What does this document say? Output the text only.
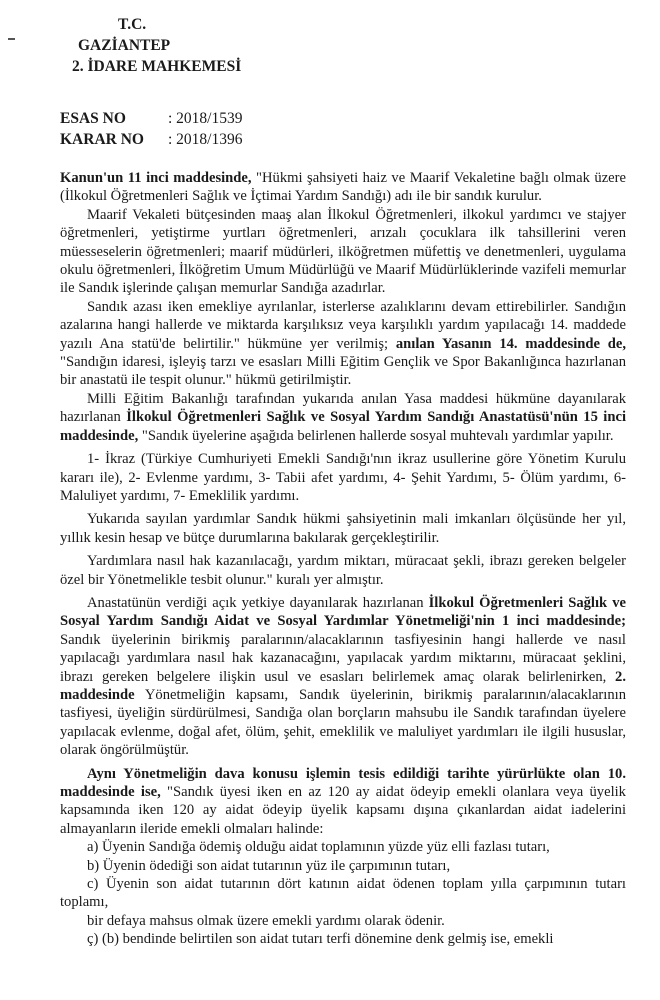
T.C.
GAZİANTEP
2. İDARE MAHKEMESİ
ESAS NO	: 2018/1539
KARAR NO : 2018/1396

Kanun'un 11 inci maddesinde, "Hükmi şahsiyeti haiz ve Maarif Vekaletine bağlı olmak üzere (İlkokul Öğretmenleri Sağlık ve İçtimai Yardım Sandığı) adı ile bir sandık kurulur.

Maarif Vekaleti bütçesinden maaş alan İlkokul Öğretmenleri, ilkokul yardımcı ve stajyer öğretmenleri, yetiştirme yurtları öğretmenleri, arızalı çocuklara ilk tahsillerini veren müesseselerin öğretmenleri; maarif müdürleri, ilköğretmen müfettiş ve denetmenleri, uygulama okulu öğretmenleri, İlköğretim Umum Müdürlüğü ve Maarif Müdürlüklerinde vazifeli memurlar ile Sandık işlerinde çalışan memurlar Sandığa azadırlar.

Sandık azası iken emekliye ayrılanlar, isterlerse azalıklarını devam ettirebilirler. Sandığın azalarına hangi hallerde ve miktarda karşılıksız veya karşılıklı yardım yapılacağı 14. maddede yazılı Ana statü'de belirtilir." hükmüne yer verilmiş; anılan Yasanın 14. maddesinde de, "Sandığın idaresi, işleyiş tarzı ve esasları Milli Eğitim Gençlik ve Spor Bakanlığınca hazırlanan bir anastatü ile tespit olunur." hükmü getirilmiştir.

Milli Eğitim Bakanlığı tarafından yukarıda anılan Yasa maddesi hükmüne dayanılarak hazırlanan İlkokul Öğretmenleri Sağlık ve Sosyal Yardım Sandığı Anastatüsü'nün 15 inci maddesinde, "Sandık üyelerine aşağıda belirlenen hallerde sosyal muhtevalı yardımlar yapılır.

1- İkraz (Türkiye Cumhuriyeti Emekli Sandığı'nın ikraz usullerine göre Yönetim Kurulu kararı ile), 2- Evlenme yardımı, 3- Tabii afet yardımı, 4- Şehit Yardımı, 5- Ölüm yardımı, 6-Maluliyet yardımı, 7- Emeklilik yardımı.

Yukarıda sayılan yardımlar Sandık hükmi şahsiyetinin mali imkanları ölçüsünde her yıl, yıllık kesin hesap ve bütçe durumlarına bakılarak gerçekleştirilir.

Yardımlara nasıl hak kazanılacağı, yardım miktarı, müracaat şekli, ibrazı gereken belgeler özel bir Yönetmelikle tesbit olunur." kuralı yer almıştır.

Anastatünün verdiği açık yetkiye dayanılarak hazırlanan İlkokul Öğretmenleri Sağlık ve Sosyal Yardım Sandığı Aidat ve Sosyal Yardımlar Yönetmeliği'nin 1 inci maddesinde; Sandık üyelerinin birikmiş paralarının/alacaklarının tasfiyesinin hangi hallerde ve nasıl yapılacağı yardımlara nasıl hak kazanacağını, yapılacak yardım miktarını, müracaat şeklini, ibrazı gereken belgelere ilişkin usul ve esasları belirlemek amaç olarak belirlenirken, 2. maddesinde Yönetmeliğin kapsamı, Sandık üyelerinin, birikmiş paralarının/alacaklarının tasfiyesi, üyeliğin sürdürülmesi, Sandığa olan borçların mahsubu ile Sandık tarafından üyelere yapılacak evlenme, doğal afet, ölüm, şehit, emeklilik ve maluliyet yardımları ile ilgili hususlar, olarak öngörülmüştür.

Aynı Yönetmeliğin dava konusu işlemin tesis edildiği tarihte yürürlükte olan 10. maddesinde ise, "Sandık üyesi iken en az 120 ay aidat ödeyip emekli olanlara veya üyelik kapsamında iken 120 ay aidat ödeyip üyelik kapsamı dışına çıkanlardan aidat iadelerini almayanların ileride emekli olmaları halinde:

a) Üyenin Sandığa ödemiş olduğu aidat toplamının yüzde yüz elli fazlası tutarı,

b) Üyenin ödediği son aidat tutarının yüz ile çarpımının tutarı,

c) Üyenin son aidat tutarının dört katının aidat ödenen toplam yılla çarpımının tutarı toplamı,

bir defaya mahsus olmak üzere emekli yardımı olarak ödenir.

ç) (b) bendinde belirtilen son aidat tutarı terfi dönemine denk gelmiş ise, emekli
